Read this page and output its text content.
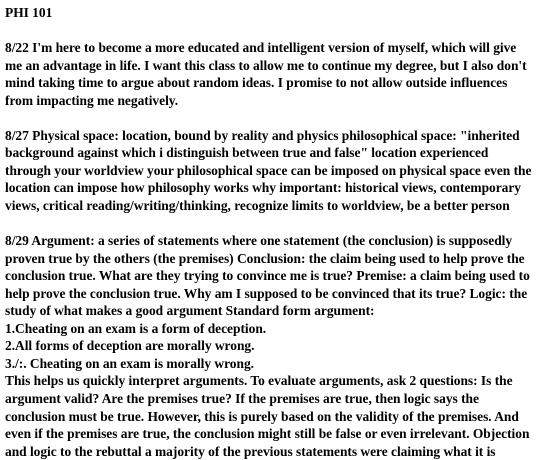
PHI 101
8/22 I'm here to become a more educated and intelligent version of myself, which will give
me an advantage in life. I want this class to allow me to continue my degree, but I also don't
mind taking time to argue about random ideas. I promise to not allow outside influences
from impacting me negatively.
8/27 Physical space: location, bound by reality and physics philosophical space: "inherited
background against which i distinguish between true and false" location experienced
through your worldview your philosophical space can be imposed on physical space even the
location can impose how philosophy works why important: historical views, contemporary
views, critical reading/writing/thinking, recognize limits to worldview, be a better person
8/29 Argument: a series of statements where one statement (the conclusion) is supposedly
proven true by the others (the premises) Conclusion: the claim being used to help prove the
conclusion true. What are they trying to convince me is true? Premise: a claim being used to
help prove the conclusion true. Why am I supposed to be convinced that its true? Logic: the
study of what makes a good argument Standard form argument:
1.Cheating on an exam is a form of deception.
2.All forms of deception are morally wrong.
3./:. Cheating on an exam is morally wrong.
This helps us quickly interpret arguments. To evaluate arguments, ask 2 questions: Is the
argument valid? Are the premises true? If the premises are true, then logic says the
conclusion must be true. However, this is purely based on the validity of the premises. And
even if the premises are true, the conclusion might still be false or even irrelevant. Objection
and logic to the rebuttal a majority of the previous statements were claiming what it is
